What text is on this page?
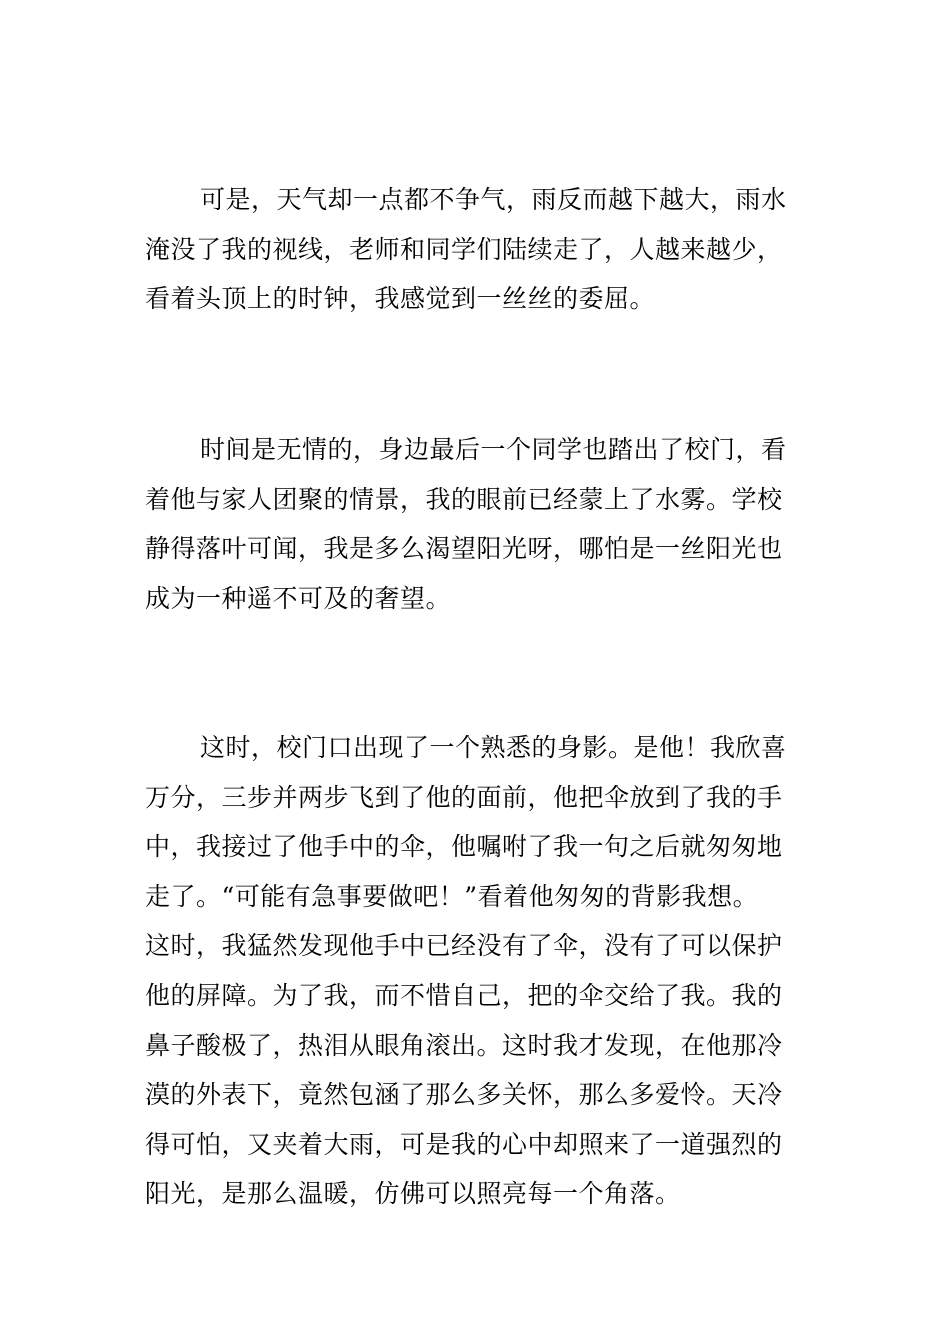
可是，天气却一点都不争气，雨反而越下越大，雨水
淹没了我的视线，老师和同学们陆续走了，人越来越少，
看着头顶上的时钟，我感觉到一丝丝的委屈。

时间是无情的，身边最后一个同学也踏出了校门，看
着他与家人团聚的情景，我的眼前已经蒙上了水雾。学校
静得落叶可闻，我是多么渴望阳光呀，哪怕是一丝阳光也
成为一种遥不可及的奢望。

这时，校门口出现了一个熟悉的身影。是他！我欣喜
万分，三步并两步飞到了他的面前，他把伞放到了我的手
中，我接过了他手中的伞，他嘱咐了我一句之后就匆匆地
走了。“可能有急事要做吧！”看着他匆匆的背影我想。
这时，我猛然发现他手中已经没有了伞，没有了可以保护
他的屏障。为了我，而不惜自己，把的伞交给了我。我的
鼻子酸极了，热泪从眼角滚出。这时我才发现，在他那冷
漠的外表下，竟然包涵了那么多关怀，那么多爱怜。天冷
得可怕，又夹着大雨，可是我的心中却照来了一道强烈的
阳光，是那么温暖，仿佛可以照亮每一个角落。
